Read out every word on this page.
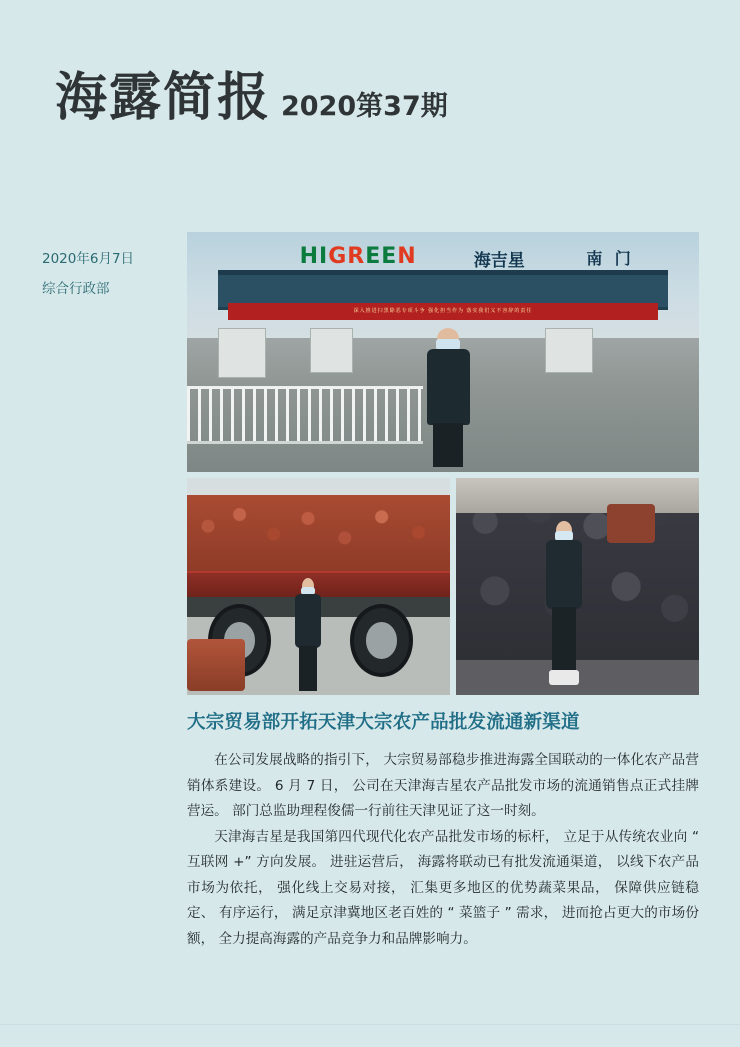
海露简报 2020第37期
2020年6月7日
综合行政部
深入推进扫黑除恶专项斗争 强化担当作为 落实我们义不容辞的责任
HIGREEN	海吉星	南 门
大宗贸易部开拓天津大宗农产品批发流通新渠道

在公司发展战略的指引下， 大宗贸易部稳步推进海露全国联动的一体化农产品营销体系建设。 6 月 7 日， 公司在天津海吉星农产品批发市场的流通销售点正式挂牌营运。 部门总监助理程俊儒一行前往天津见证了这一时刻。

天津海吉星是我国第四代现代化农产品批发市场的标杆， 立足于从传统农业向 “ 互联网 +” 方向发展。 进驻运营后， 海露将联动已有批发流通渠道， 以线下农产品市场为依托， 强化线上交易对接， 汇集更多地区的优势蔬菜果品， 保障供应链稳定、 有序运行， 满足京津冀地区老百姓的 “ 菜篮子 ” 需求， 进而抢占更大的市场份额， 全力提高海露的产品竞争力和品牌影响力。
